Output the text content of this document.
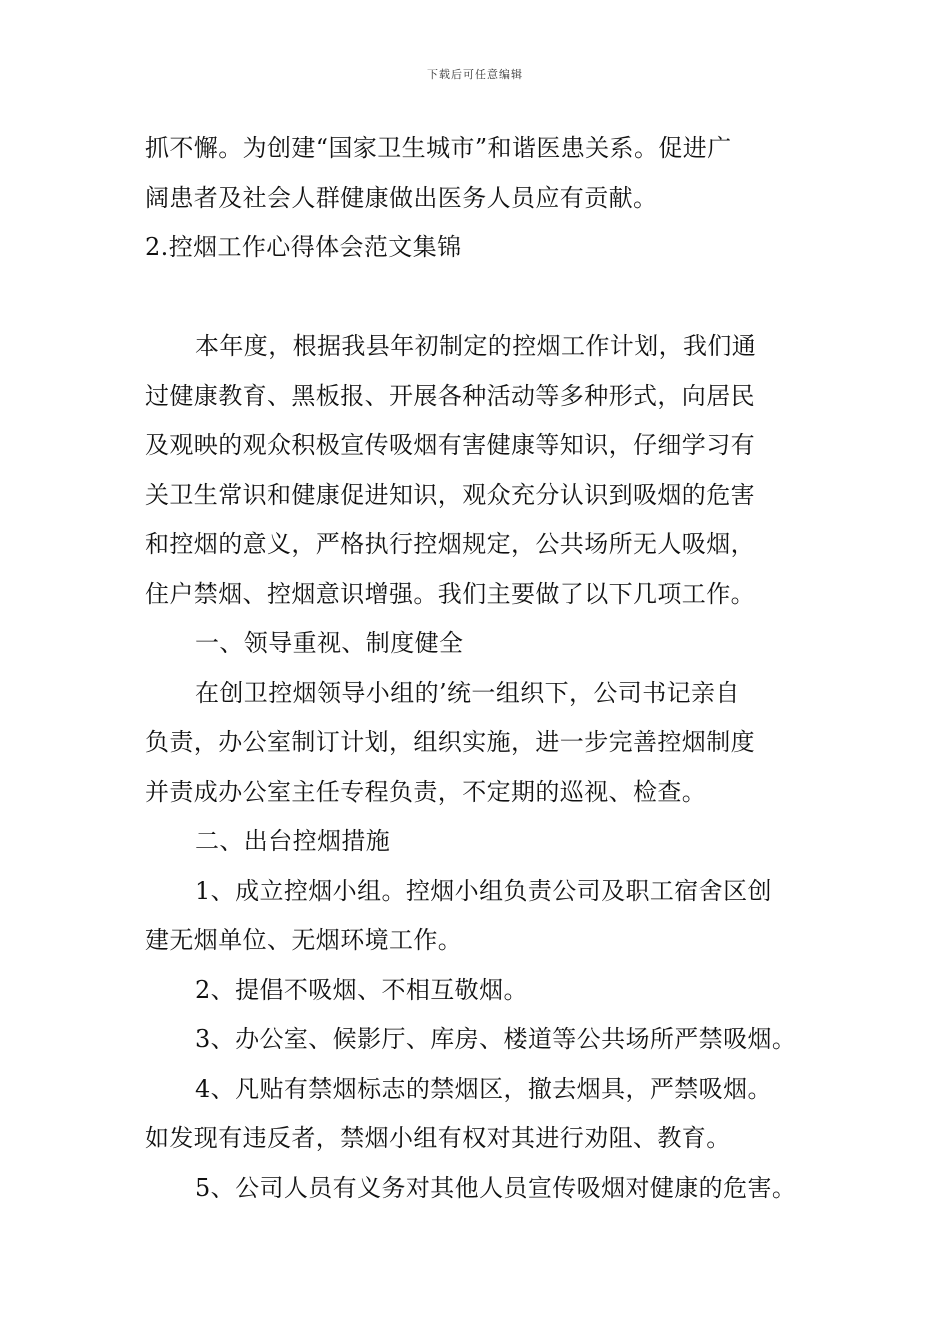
下载后可任意编辑
抓不懈。为创建“国家卫生城市”和谐医患关系。促进广
阔患者及社会人群健康做出医务人员应有贡献。
2.控烟工作心得体会范文集锦
本年度，根据我县年初制定的控烟工作计划，我们通
过健康教育、黑板报、开展各种活动等多种形式，向居民
及观映的观众积极宣传吸烟有害健康等知识，仔细学习有
关卫生常识和健康促进知识，观众充分认识到吸烟的危害
和控烟的意义，严格执行控烟规定，公共场所无人吸烟，
住户禁烟、控烟意识增强。我们主要做了以下几项工作。
一、领导重视、制度健全
在创卫控烟领导小组的’统一组织下，公司书记亲自
负责，办公室制订计划，组织实施，进一步完善控烟制度
并责成办公室主任专程负责，不定期的巡视、检查。
二、出台控烟措施
1、成立控烟小组。控烟小组负责公司及职工宿舍区创
建无烟单位、无烟环境工作。
2、提倡不吸烟、不相互敬烟。
3、办公室、候影厅、库房、楼道等公共场所严禁吸烟。
4、凡贴有禁烟标志的禁烟区，撤去烟具，严禁吸烟。
如发现有违反者，禁烟小组有权对其进行劝阻、教育。
5、公司人员有义务对其他人员宣传吸烟对健康的危害。
